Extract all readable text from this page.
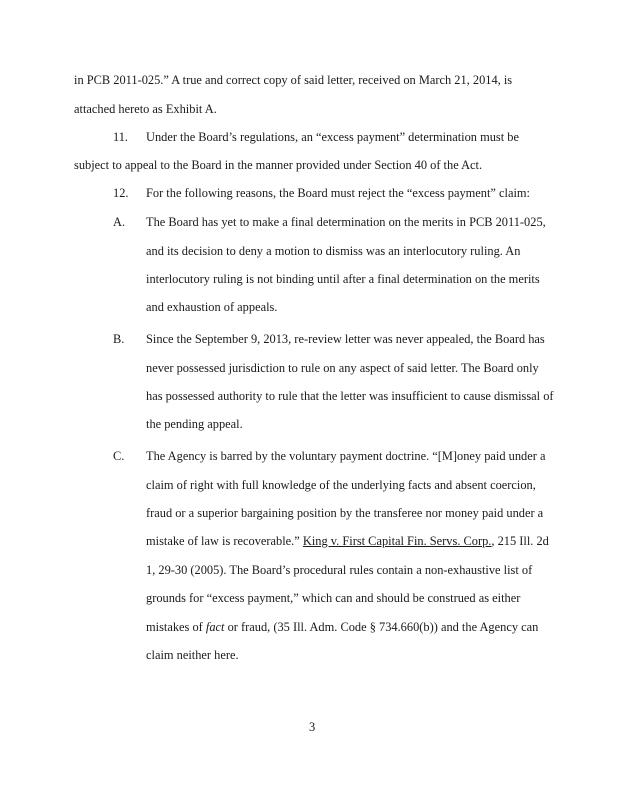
in PCB 2011-025.” A true and correct copy of said letter, received on March 21, 2014, is
attached hereto as Exhibit A.
11. Under the Board’s regulations, an “excess payment” determination must be
subject to appeal to the Board in the manner provided under Section 40 of the Act.
12. For the following reasons, the Board must reject the “excess payment” claim:
A. The Board has yet to make a final determination on the merits in PCB 2011-025,
and its decision to deny a motion to dismiss was an interlocutory ruling. An
interlocutory ruling is not binding until after a final determination on the merits
and exhaustion of appeals.
B. Since the September 9, 2013, re-review letter was never appealed, the Board has
never possessed jurisdiction to rule on any aspect of said letter. The Board only
has possessed authority to rule that the letter was insufficient to cause dismissal of
the pending appeal.
C. The Agency is barred by the voluntary payment doctrine. “[M]oney paid under a
claim of right with full knowledge of the underlying facts and absent coercion,
fraud or a superior bargaining position by the transferee nor money paid under a
mistake of law is recoverable.” King v. First Capital Fin. Servs. Corp., 215 Ill. 2d
1, 29-30 (2005). The Board’s procedural rules contain a non-exhaustive list of
grounds for “excess payment,” which can and should be construed as either
mistakes of fact or fraud, (35 Ill. Adm. Code § 734.660(b)) and the Agency can
claim neither here.
3
